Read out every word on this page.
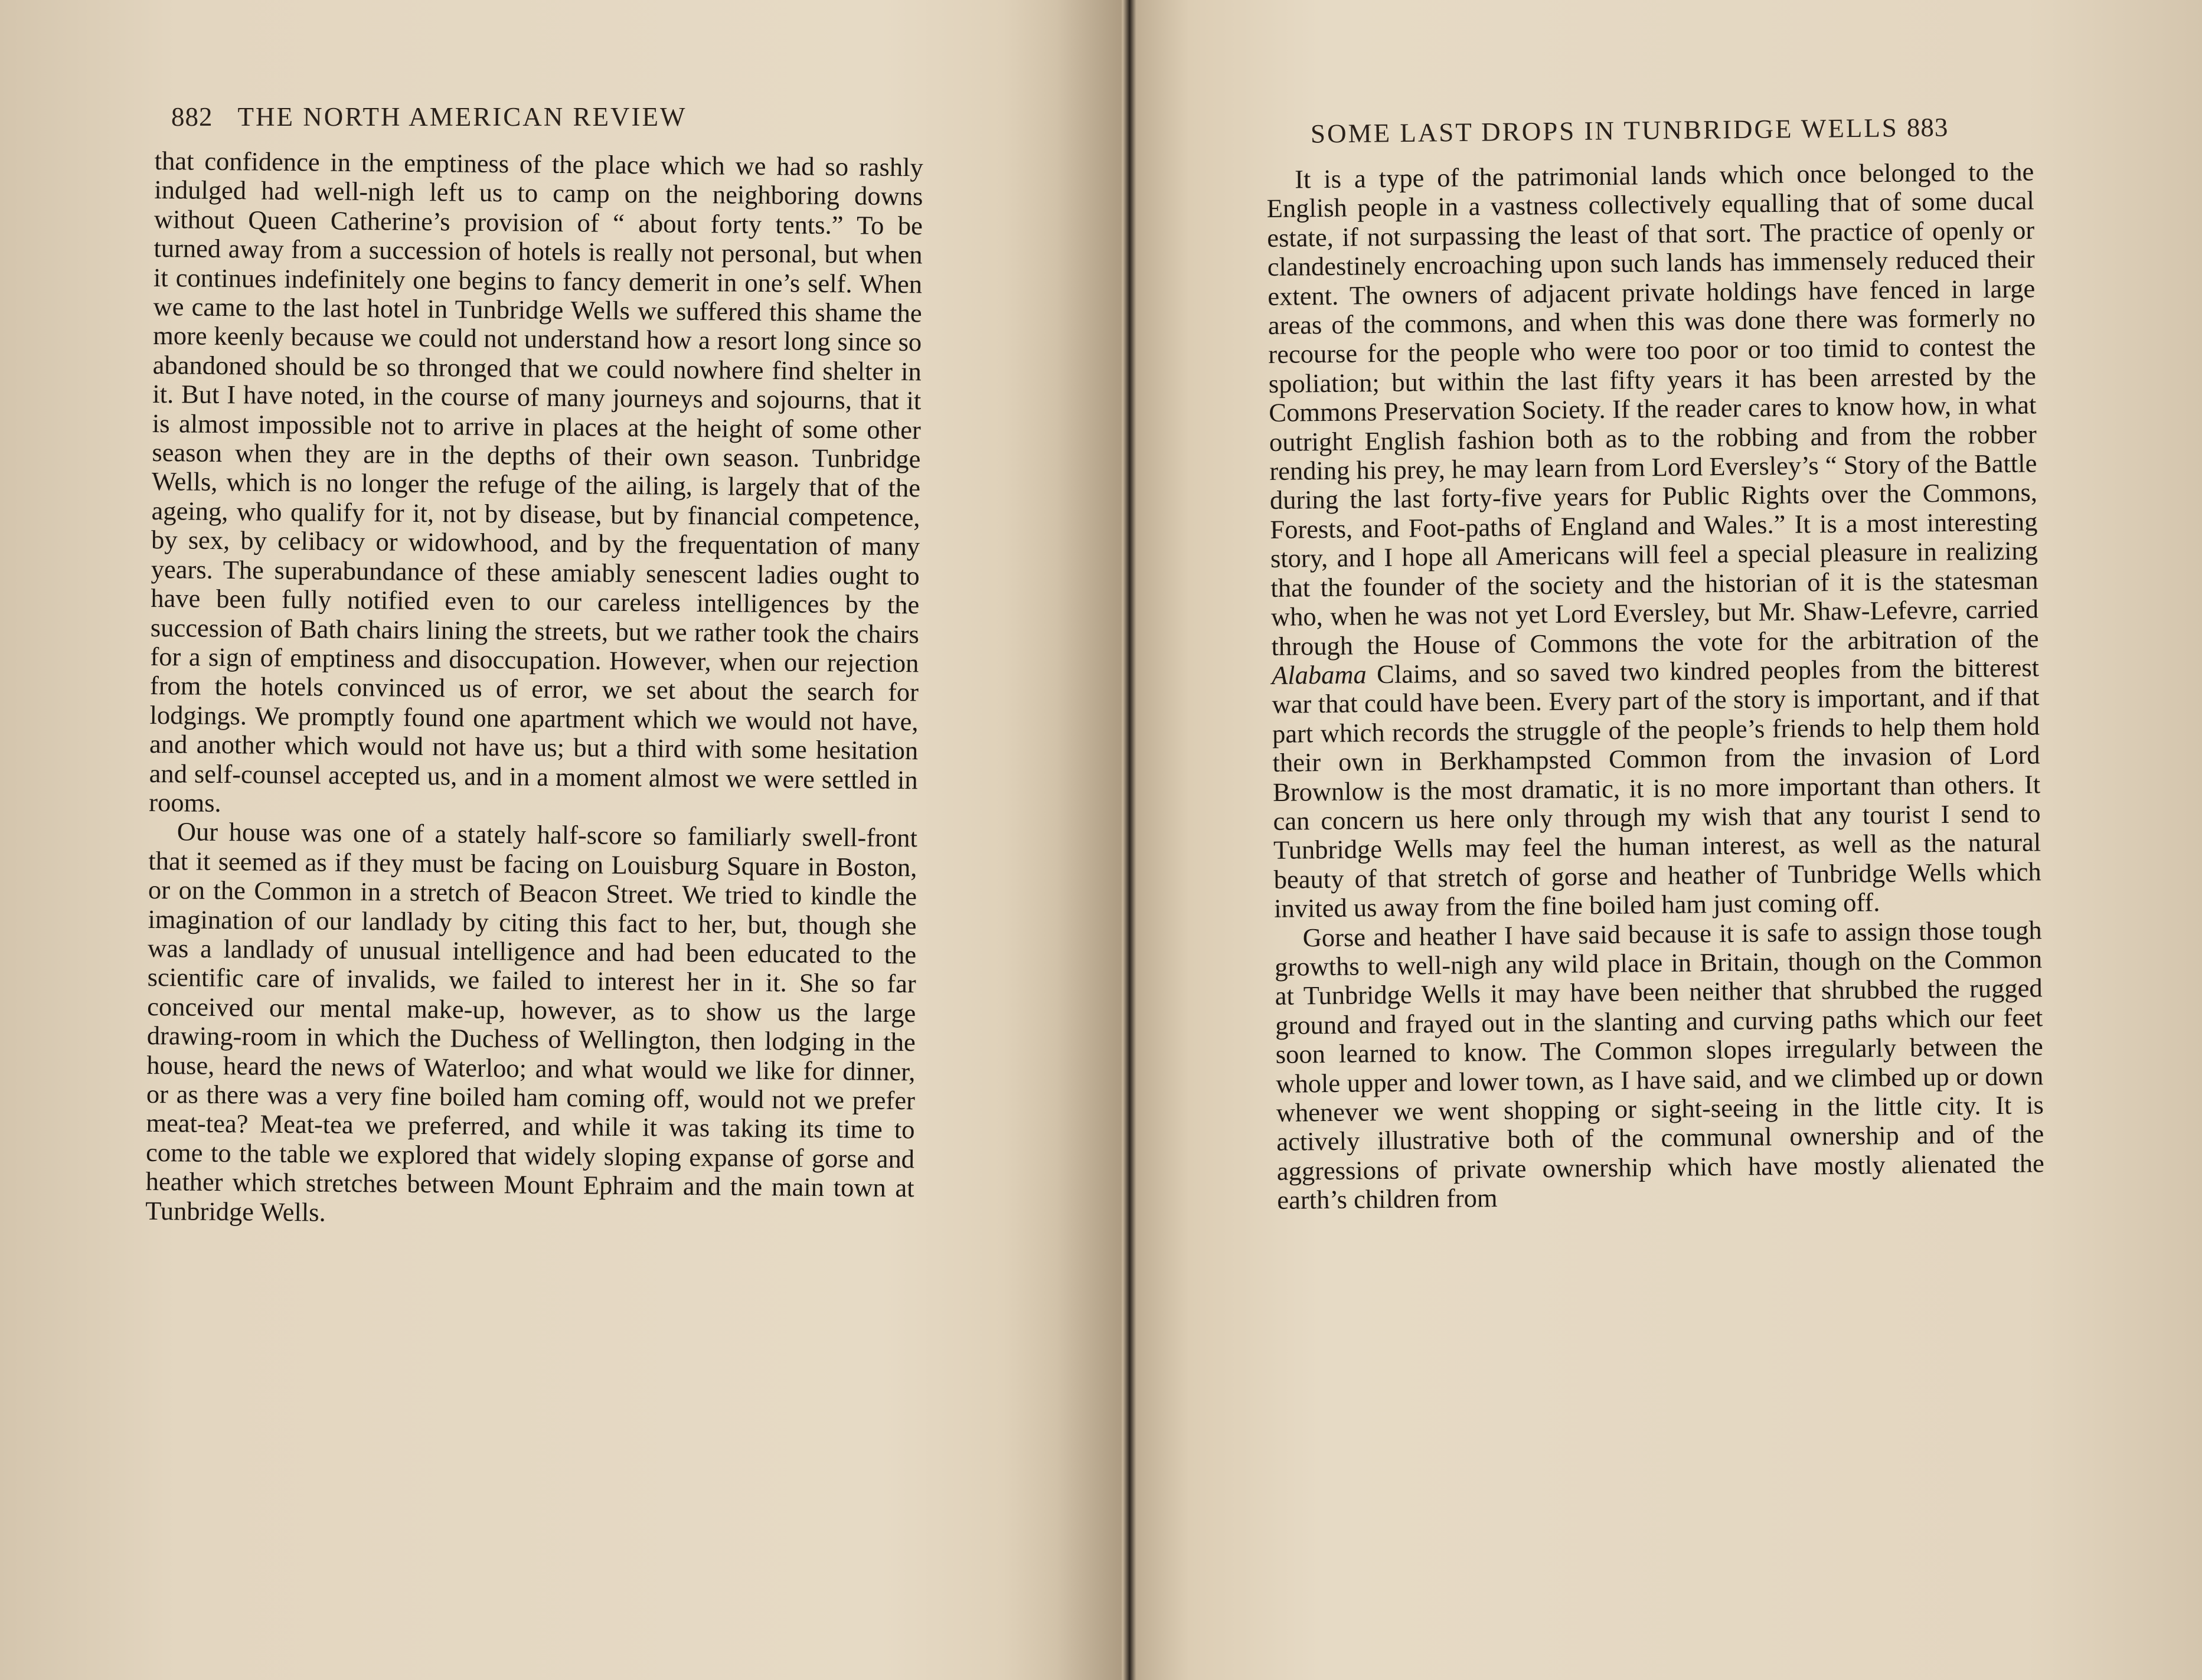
882 THE NORTH AMERICAN REVIEW

that confidence in the emptiness of the place which we had so rashly indulged had well-nigh left us to camp on the neighboring downs without Queen Catherine’s provision of “ about forty tents.” To be turned away from a succession of hotels is really not personal, but when it continues indefinitely one begins to fancy demerit in one’s self. When we came to the last hotel in Tunbridge Wells we suffered this shame the more keenly because we could not understand how a resort long since so abandoned should be so thronged that we could nowhere find shelter in it. But I have noted, in the course of many journeys and sojourns, that it is almost impossible not to arrive in places at the height of some other season when they are in the depths of their own season. Tunbridge Wells, which is no longer the refuge of the ailing, is largely that of the ageing, who qualify for it, not by disease, but by financial competence, by sex, by celibacy or widowhood, and by the frequentation of many years. The superabundance of these amiably senescent ladies ought to have been fully notified even to our careless intelligences by the succession of Bath chairs lining the streets, but we rather took the chairs for a sign of emptiness and disoccupation. However, when our rejection from the hotels convinced us of error, we set about the search for lodgings. We promptly found one apartment which we would not have, and another which would not have us; but a third with some hesitation and self-counsel accepted us, and in a moment almost we were settled in rooms.

Our house was one of a stately half-score so familiarly swell-front that it seemed as if they must be facing on Louisburg Square in Boston, or on the Common in a stretch of Beacon Street. We tried to kindle the imagination of our landlady by citing this fact to her, but, though she was a landlady of unusual intelligence and had been educated to the scientific care of invalids, we failed to interest her in it. She so far conceived our mental make-up, however, as to show us the large drawing-room in which the Duchess of Wellington, then lodging in the house, heard the news of Waterloo; and what would we like for dinner, or as there was a very fine boiled ham coming off, would not we prefer meat-tea? Meat-tea we preferred, and while it was taking its time to come to the table we explored that widely sloping expanse of gorse and heather which stretches between Mount Ephraim and the main town at Tunbridge Wells.

SOME LAST DROPS IN TUNBRIDGE WELLS 883

It is a type of the patrimonial lands which once belonged to the English people in a vastness collectively equalling that of some ducal estate, if not surpassing the least of that sort. The practice of openly or clandestinely encroaching upon such lands has immensely reduced their extent. The owners of adjacent private holdings have fenced in large areas of the commons, and when this was done there was formerly no recourse for the people who were too poor or too timid to contest the spoliation; but within the last fifty years it has been arrested by the Commons Preservation Society. If the reader cares to know how, in what outright English fashion both as to the robbing and from the robber rending his prey, he may learn from Lord Eversley’s “ Story of the Battle during the last forty-five years for Public Rights over the Commons, Forests, and Foot-paths of England and Wales.” It is a most interesting story, and I hope all Americans will feel a special pleasure in realizing that the founder of the society and the historian of it is the statesman who, when he was not yet Lord Eversley, but Mr. Shaw-Lefevre, carried through the House of Commons the vote for the arbitration of the Alabama Claims, and so saved two kindred peoples from the bitterest war that could have been. Every part of the story is important, and if that part which records the struggle of the people’s friends to help them hold their own in Berkhampsted Common from the invasion of Lord Brownlow is the most dramatic, it is no more important than others. It can concern us here only through my wish that any tourist I send to Tunbridge Wells may feel the human interest, as well as the natural beauty of that stretch of gorse and heather of Tunbridge Wells which invited us away from the fine boiled ham just coming off.

Gorse and heather I have said because it is safe to assign those tough growths to well-nigh any wild place in Britain, though on the Common at Tunbridge Wells it may have been neither that shrubbed the rugged ground and frayed out in the slanting and curving paths which our feet soon learned to know. The Common slopes irregularly between the whole upper and lower town, as I have said, and we climbed up or down whenever we went shopping or sight-seeing in the little city. It is actively illustrative both of the communal ownership and of the aggressions of private ownership which have mostly alienated the earth’s children from
